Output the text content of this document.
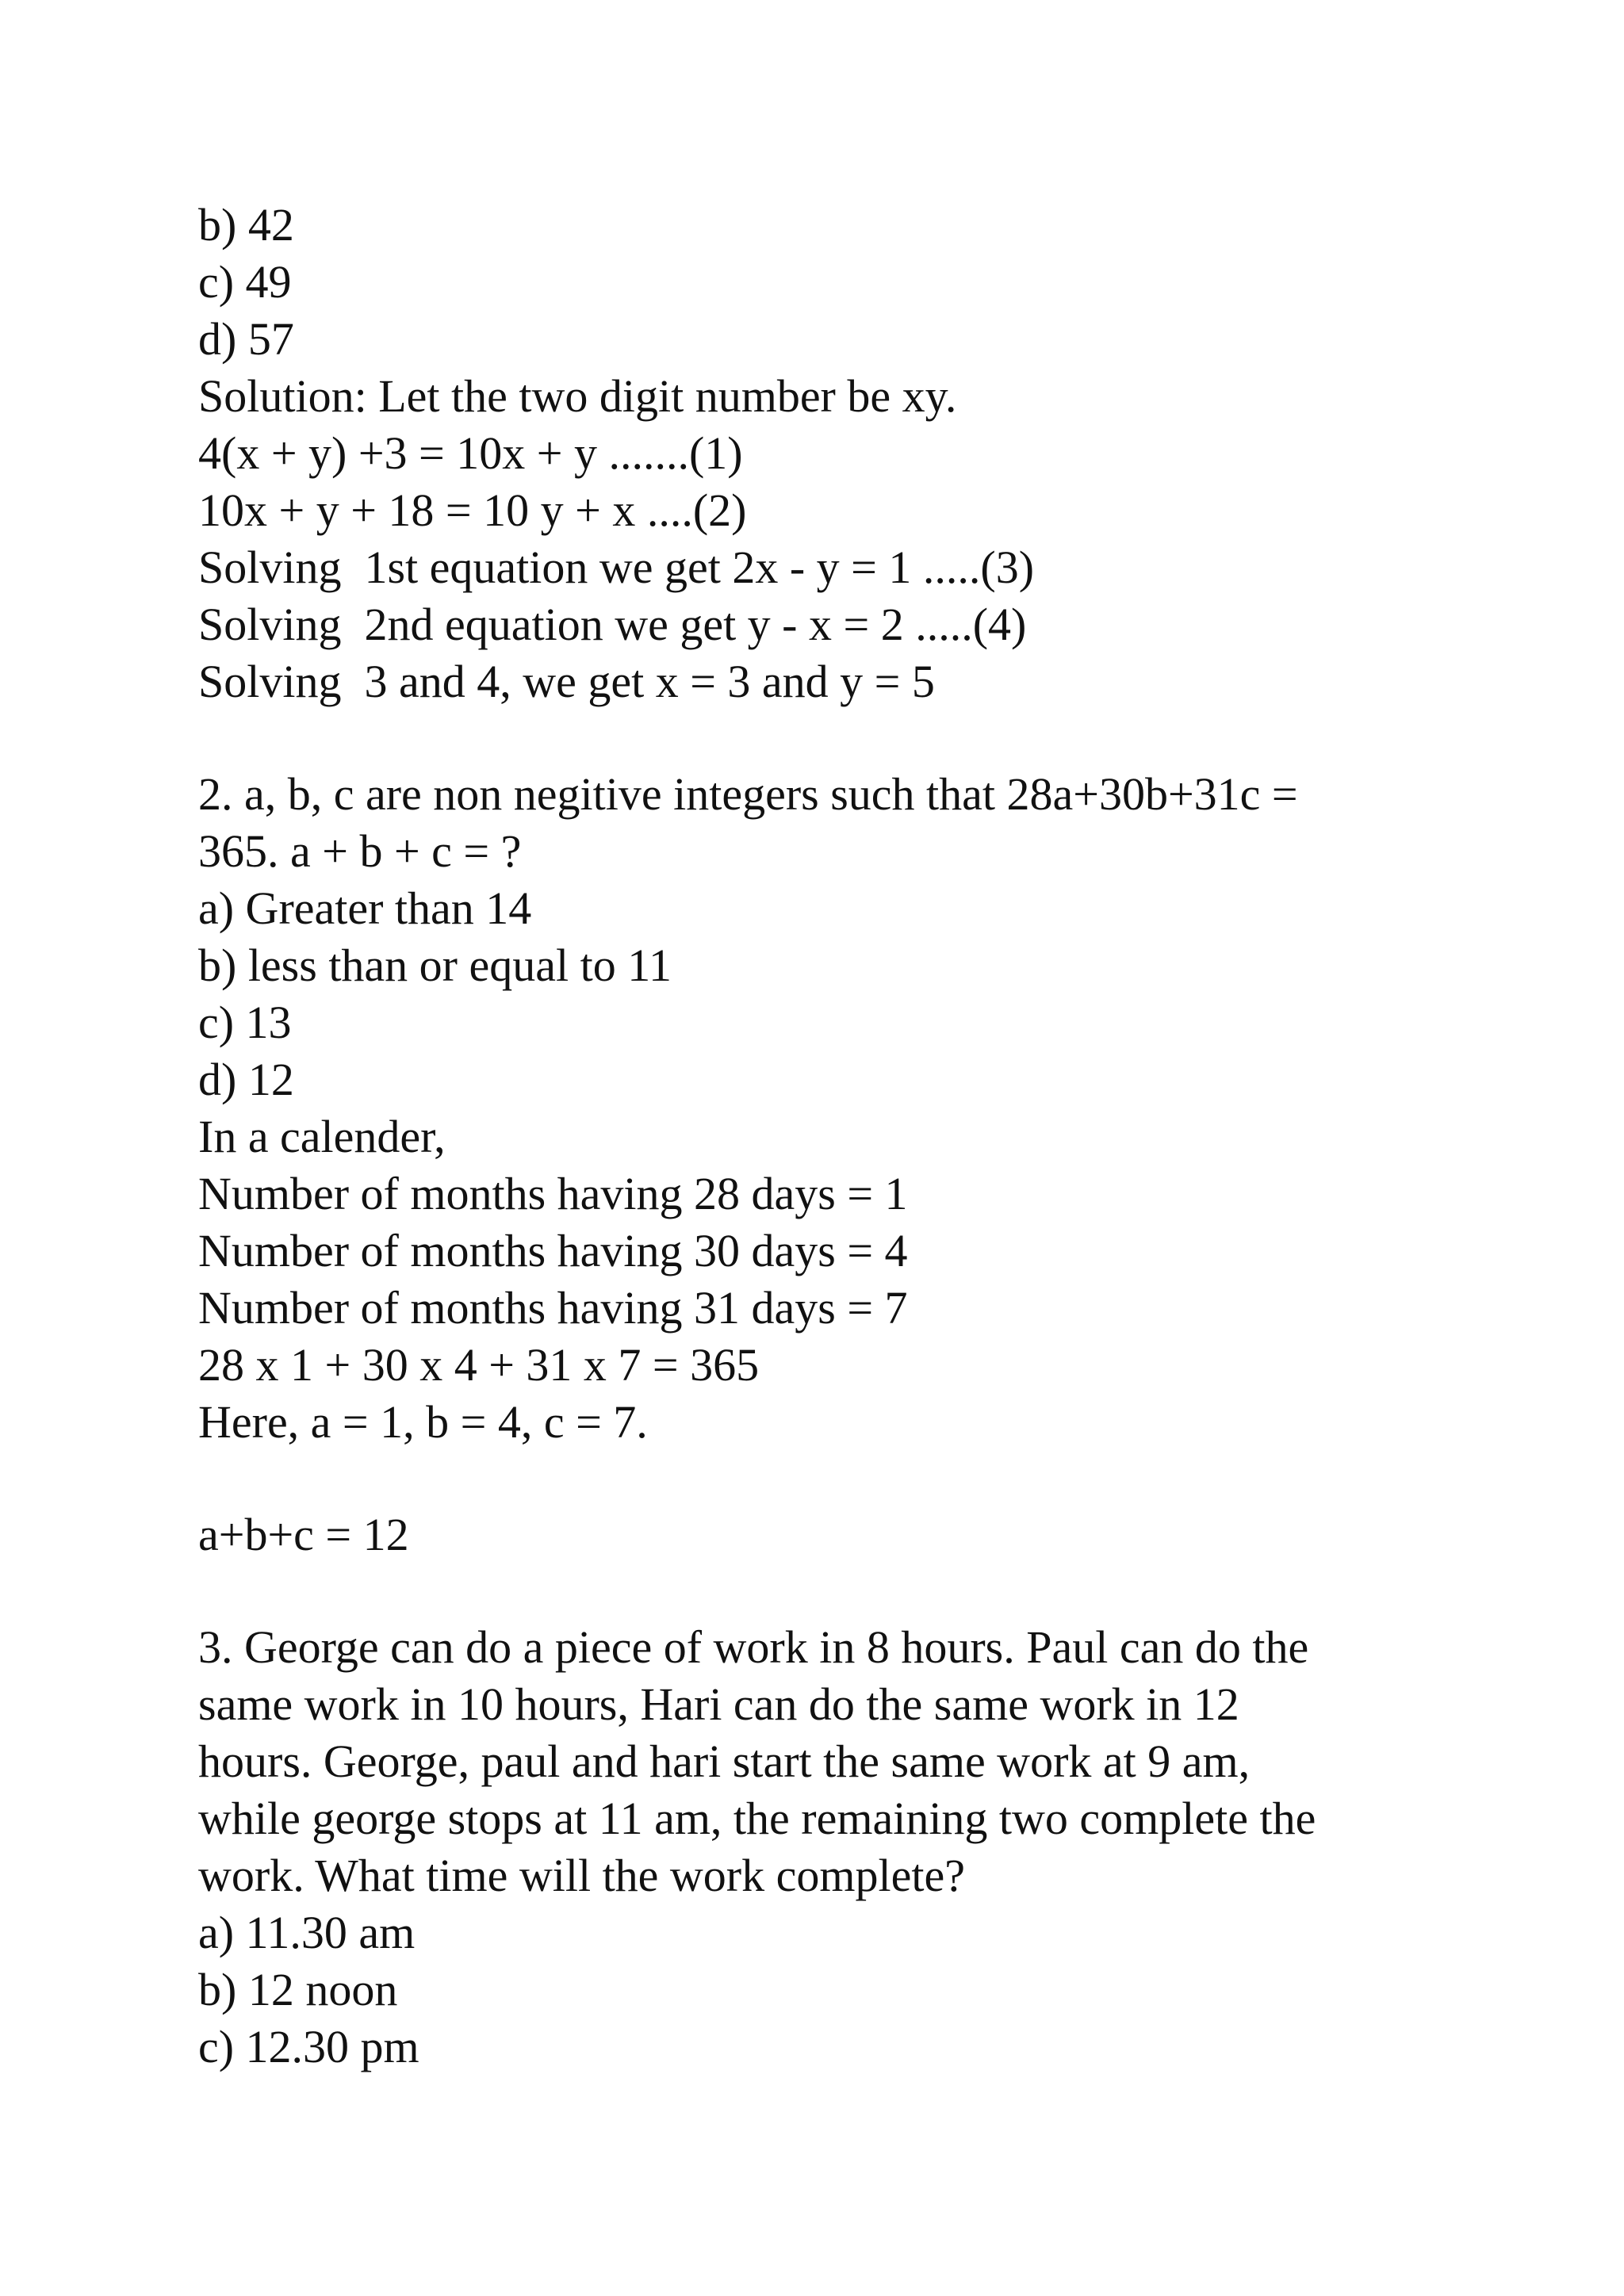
b) 42
c) 49
d) 57
Solution: Let the two digit number be xy.
4(x + y) +3 = 10x + y .......(1)
10x + y + 18 = 10 y + x ....(2)
Solving  1st equation we get 2x - y = 1 .....(3)
Solving  2nd equation we get y - x = 2 .....(4)
Solving  3 and 4, we get x = 3 and y = 5
2. a, b, c are non negitive integers such that 28a+30b+31c =
365. a + b + c = ?
a) Greater than 14
b) less than or equal to 11
c) 13
d) 12
In a calender,
Number of months having 28 days = 1
Number of months having 30 days = 4
Number of months having 31 days = 7
28 x 1 + 30 x 4 + 31 x 7 = 365
Here, a = 1, b = 4, c = 7.
a+b+c = 12
3. George can do a piece of work in 8 hours. Paul can do the
same work in 10 hours, Hari can do the same work in 12
hours. George, paul and hari start the same work at 9 am,
while george stops at 11 am, the remaining two complete the
work. What time will the work complete?
a) 11.30 am
b) 12 noon
c) 12.30 pm
